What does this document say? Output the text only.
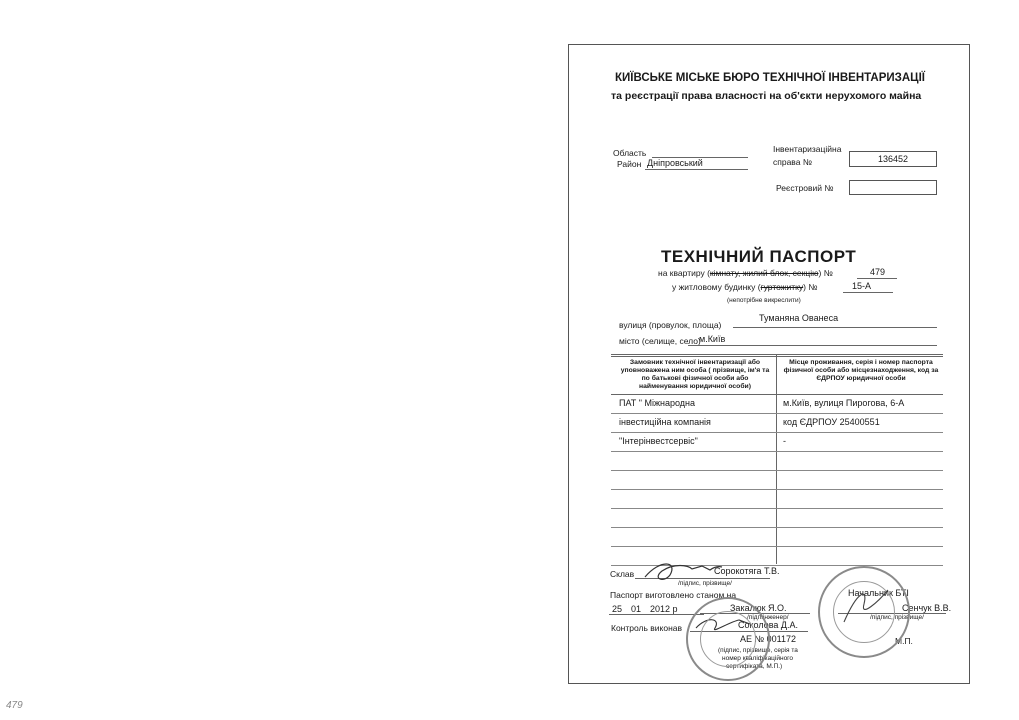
479
КИЇВСЬКЕ МІСЬКЕ БЮРО ТЕХНІЧНОЇ ІНВЕНТАРИЗАЦІЇ
та реєстрації права власності на об'єкти нерухомого майна
Область
Район Дніпровський
Інвентаризаційна
справа №	136452
Реєстровий №
ТЕХНІЧНИЙ ПАСПОРТ
на квартиру (кімнату, жилий блок, секцію) №	479
у житловому будинку (гуртожитку) №	15-А
(непотрібне викреслити)
Туманяна Ованеса
вулиця (провулок, площа)
місто (селище, село)
м.Київ
Замовник технічної інвентаризації або уповноважена ним особа ( прізвище, ім'я та по батькові фізичної особи або найменування юридичної особи)
Місце проживання, серія і номер паспорта фізичної особи або місцезнаходження, код за ЄДРПОУ юридичної особи
ПАТ " Міжнародна	м.Київ, вулиця Пирогова, 6-А
інвестиційна компанія	код ЄДРПОУ 25400551
"Інтерінвестсервіс"	-
Склав	Сорокотяга Т.В.
/підпис, прізвище/
Паспорт виготовлено станом на
25 01 2012 р	Закалюк Я.О.
/підп.інженер/
Контроль виконав	Соколова Д.А.
АЕ № 001172
(підпис, прізвище, серія та
номер кваліфікаційного
сертифіката, М.П.)
Начальник БТІ
Сенчук В.В.
/підпис, прізвище/
М.П.
